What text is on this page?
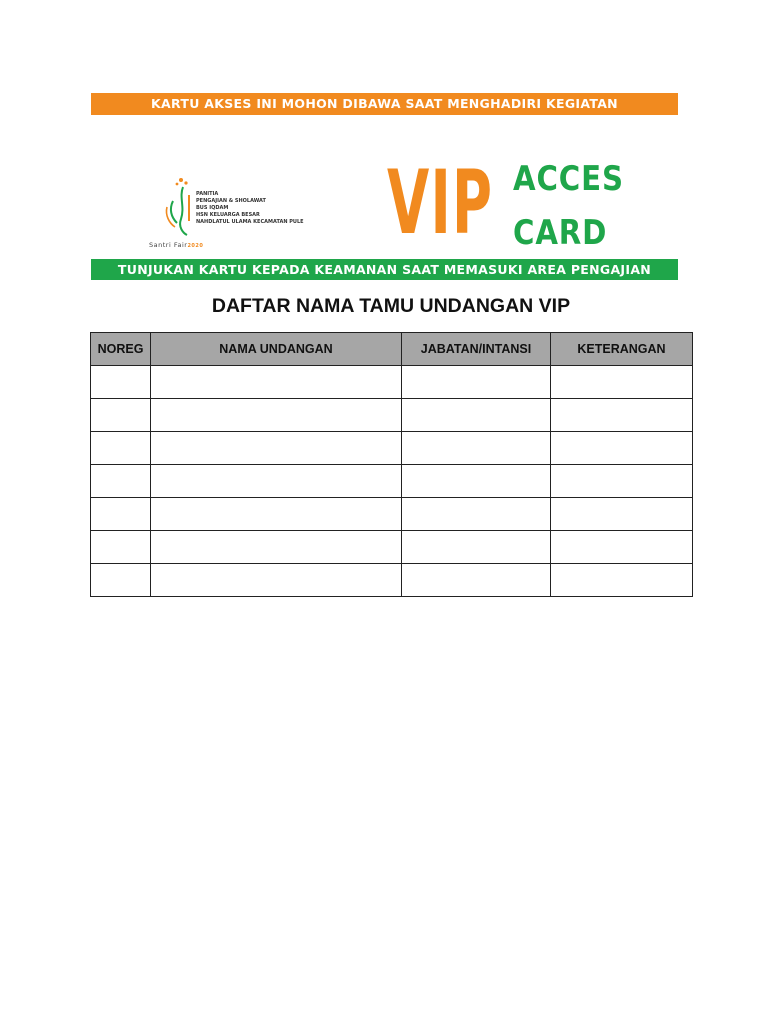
KARTU AKSES INI MOHON DIBAWA SAAT MENGHADIRI KEGIATAN
PANITIA
PENGAJIAN & SHOLAWAT
BUS IQDAM
HSN KELUARGA BESAR
NAHDLATUL ULAMA KECAMATAN PULE
Santri Fair2020 VIP ACCES
CARD
TUNJUKAN KARTU KEPADA KEAMANAN SAAT MEMASUKI AREA PENGAJIAN
DAFTAR NAMA TAMU UNDANGAN VIP
NOREG	NAMA UNDANGAN	JABATAN/INTANSI	KETERANGAN
